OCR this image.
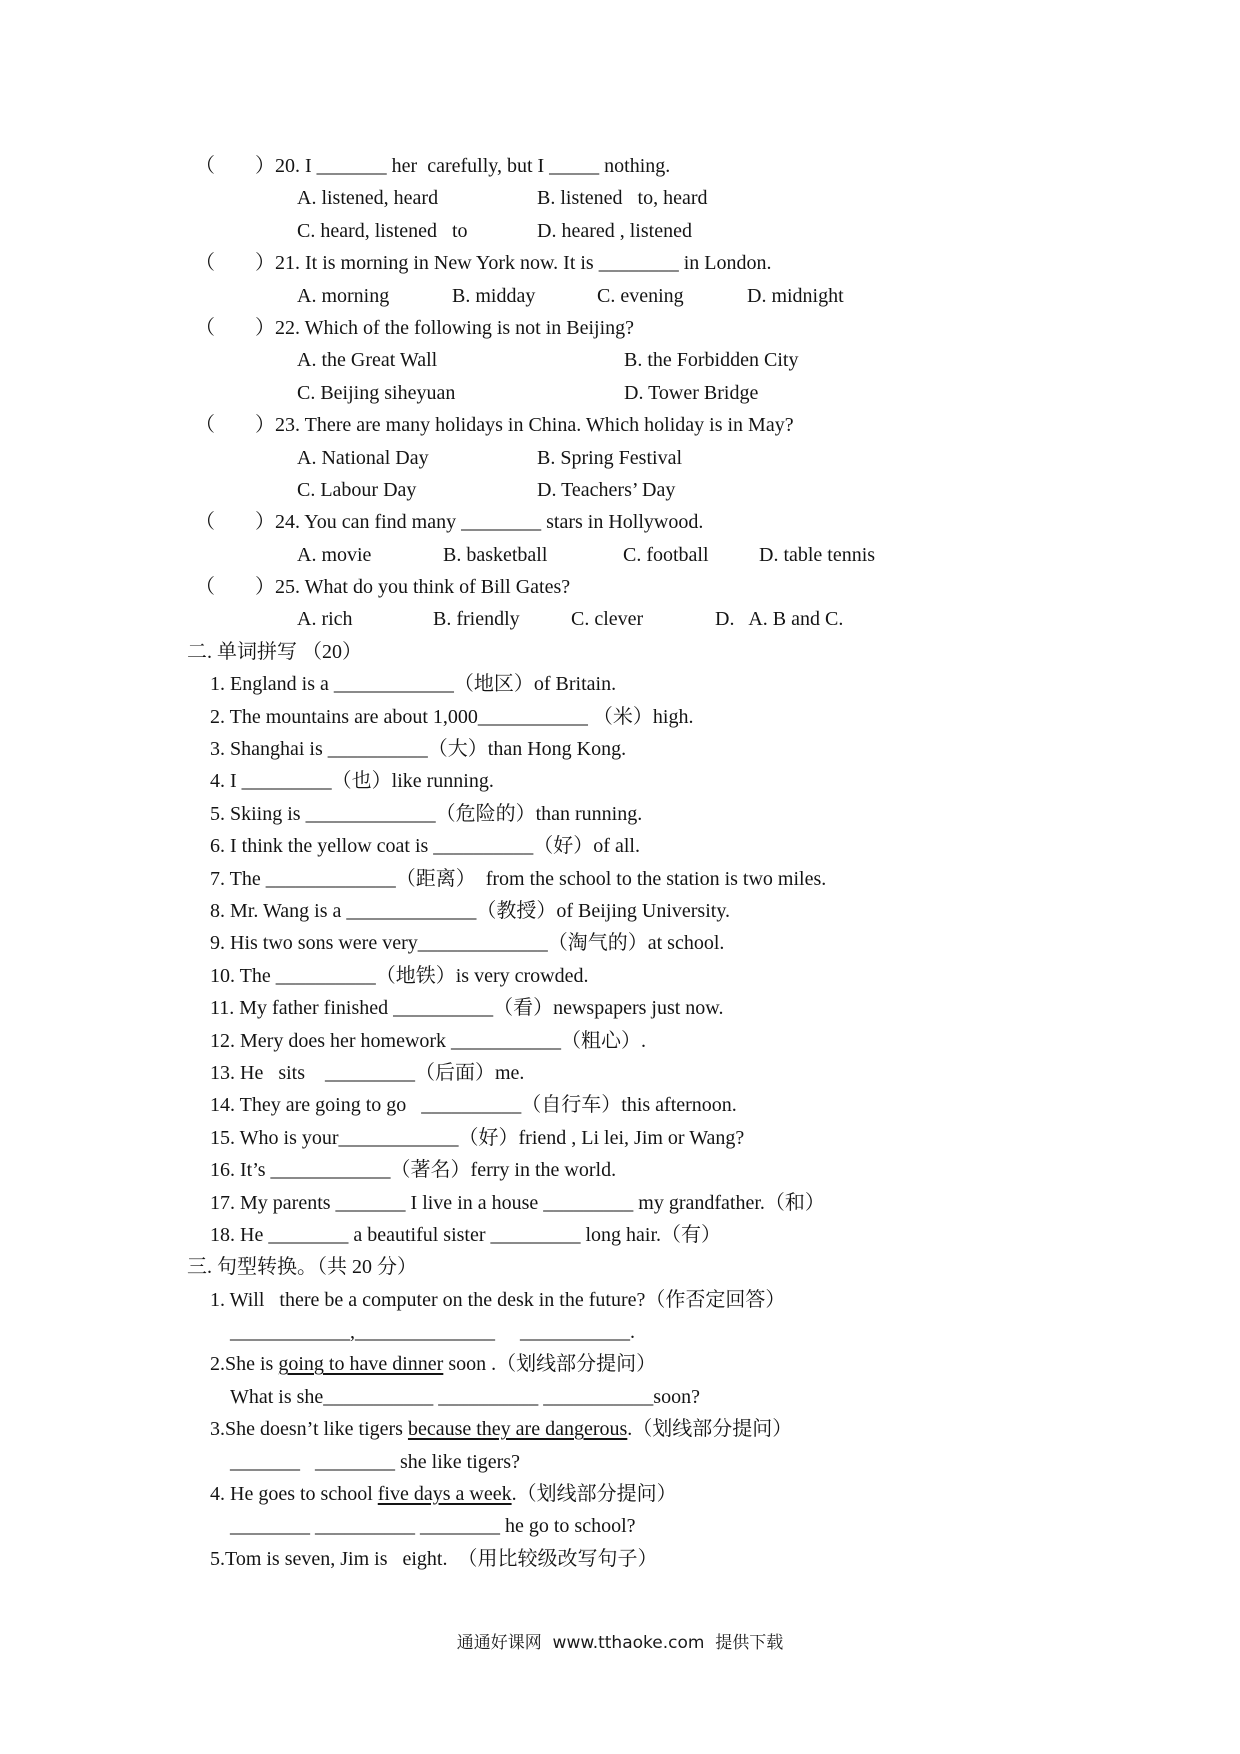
（　　） 20. I _______ her  carefully, but I _____ nothing.
A. listened, heard	B. listened   to, heard
C. heard, listened   to	D. heared , listened
（　　） 21. It is morning in New York now. It is ________ in London.
A. morning	B. midday	C. evening	D. midnight
（　　） 22. Which of the following is not in Beijing?
A. the Great Wall	B. the Forbidden City
C. Beijing siheyuan	D. Tower Bridge
（　　） 23. There are many holidays in China. Which holiday is in May?
A. National Day	B. Spring Festival
C. Labour Day	D. Teachers’ Day
（　　） 24. You can find many ________ stars in Hollywood.
A. movie	B. basketball	C. football	D. table tennis
（　　） 25. What do you think of Bill Gates?
A. rich	B. friendly	C. clever	D.   A. B and C.
二. 单词拼写 （20）
1. England is a ____________（地区）of Britain.
2. The mountains are about 1,000___________ （米）high.
3. Shanghai is __________（大）than Hong Kong.
4. I _________（也）like running.
5. Skiing is _____________（危险的）than running.
6. I think the yellow coat is __________（好）of all.
7. The _____________（距离）  from the school to the station is two miles.
8. Mr. Wang is a _____________（教授）of Beijing University.
9. His two sons were very_____________（淘气的）at school.
10. The __________（地铁）is very crowded.
11. My father finished __________（看）newspapers just now.
12. Mery does her homework ___________（粗心）.
13. He   sits    _________（后面）me.
14. They are going to go   __________（自行车）this afternoon.
15. Who is your____________（好）friend , Li lei, Jim or Wang?
16. It’s ____________（著名）ferry in the world.
17. My parents _______ I live in a house _________ my grandfather.（和）
18. He ________ a beautiful sister _________ long hair.（有）
三. 句型转换。（共 20 分）
1. Will   there be a computer on the desk in the future?（作否定回答）
____________,______________     ___________.
2.She is going to have dinner soon .（划线部分提问）
What is she___________ __________ ___________soon?
3.She doesn’t like tigers because they are dangerous.（划线部分提问）
_______   ________ she like tigers?
4. He goes to school five days a week.（划线部分提问）
________ __________ ________ he go to school?
5.Tom is seven, Jim is   eight.  （用比较级改写句子）
通通好课网  www.tthaoke.com  提供下载
